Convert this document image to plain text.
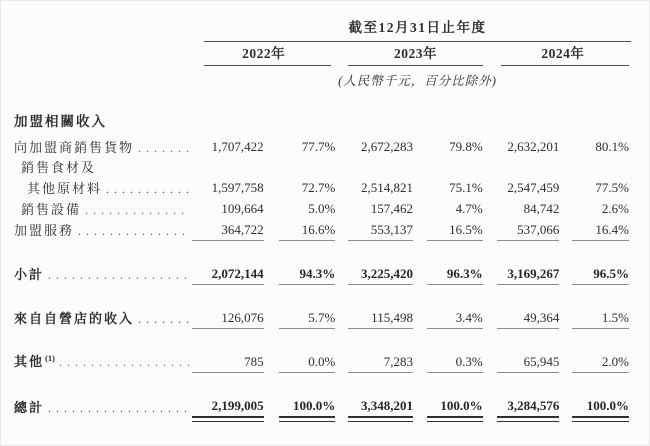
截至12月31日止年度
2022年	2023年	2024年
(人民幣千元，百分比除外)
加盟相關收入
向加盟商銷售貨物 . . .	1,707,422	77.7%	2,672,283	79.8%	2,632,201	80.1%
銷售食材及
其他原材料 . . .	1,597,758	72.7%	2,514,821	75.1%	2,547,459	77.5%
銷售設備 . . .	109,664	5.0%	157,462	4.7%	84,742	2.6%
加盟服務 . . .	364,722	16.6%	553,137	16.5%	537,066	16.4%
小計 . . .	2,072,144	94.3%	3,225,420	96.3%	3,169,267	96.5%
來自自營店的收入 . . .	126,076	5.7%	115,498	3.4%	49,364	1.5%
其他 (1) . . .	785	0.0%	7,283	0.3%	65,945	2.0%
總計 . . .	2,199,005	100.0%	3,348,201	100.0%	3,284,576	100.0%
